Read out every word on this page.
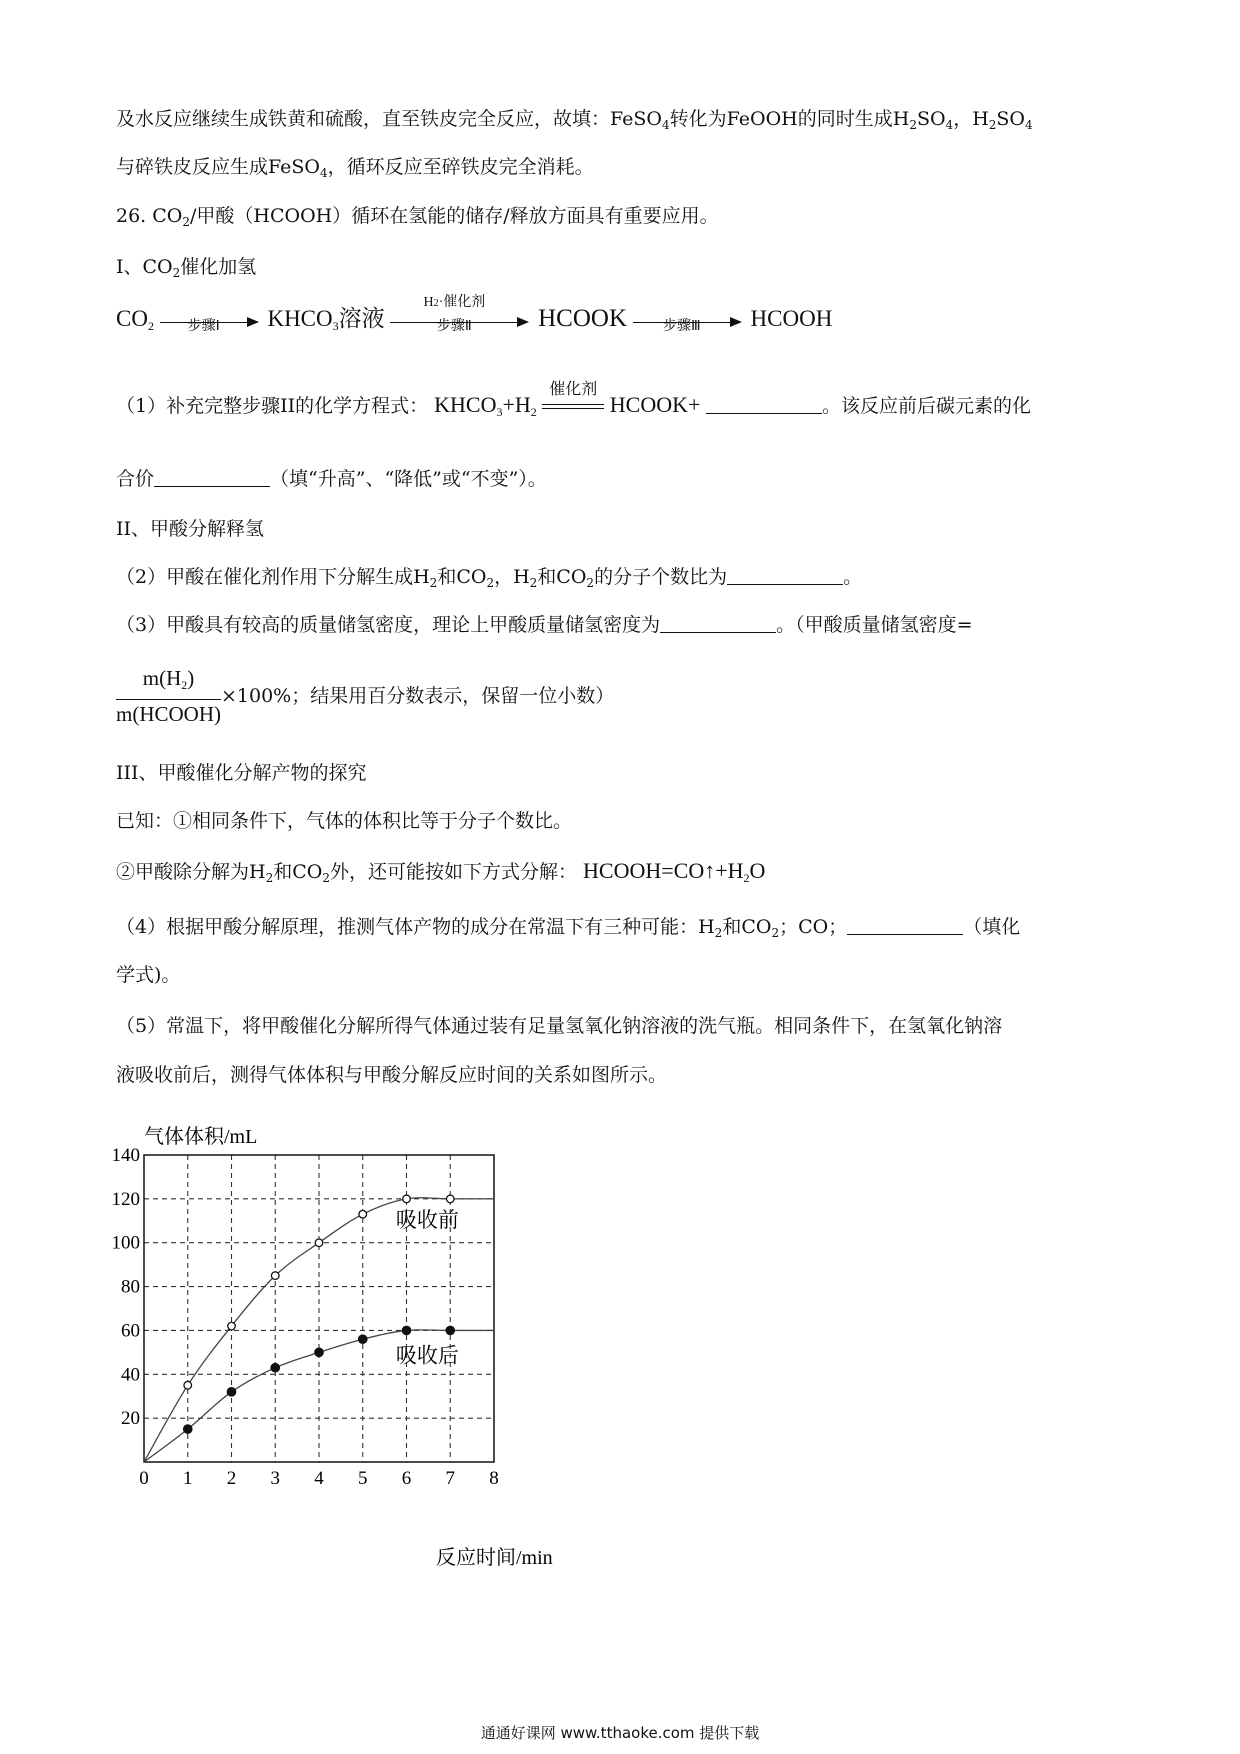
及水反应继续生成铁黄和硫酸，直至铁皮完全反应，故填：FeSO$_4$转化为FeOOH的同时生成$H_2SO_4$，$H_2SO_4$
与碎铁皮反应生成FeSO$_4$，循环反应至碎铁皮完全消耗。
26. $CO_2/$甲酸（HCOOH）循环在氢能的储存/释放方面具有重要应用。
I、$CO_2$催化加氢
$CO_2$	步骤Ⅰ	$KHCO_3$溶液
H2·催化剂
步骤Ⅱ	HCOOK	步骤Ⅲ	HCOOH
（1）补充完整步骤II的化学方程式： $KHCO_3+H_2$
催化剂
HCOOK+	。该反应前后碳元素的化
合价	（填“升高”、“降低”或“不变”）。
II、甲酸分解释氢
（2）甲酸在催化剂作用下分解生成$H_2$和$CO_2$，$H_2$和$CO_2$的分子个数比为	。
（3）甲酸具有较高的质量储氢密度，理论上甲酸质量储氢密度为	。（甲酸质量储氢密度=
$\frac{m(H_2)}{\text{m(HCOOH)}} \times 100\%$；结果用百分数表示，保留一位小数）
III、甲酸催化分解产物的探究
已知：①相同条件下，气体的体积比等于分子个数比。
②甲酸除分解为$H_2$和$CO_2$外，还可能按如下方式分解： $HCOOH=CO↑+H_2O$
（4）根据甲酸分解原理，推测气体产物的成分在常温下有三种可能：$H_2$和$CO_2$；CO；	（填化
学式)。
（5）常温下，将甲酸催化分解所得气体通过装有足量氢氧化钠溶液的洗气瓶。相同条件下，在氢氧化钠溶
液吸收前后，测得气体体积与甲酸分解反应时间的关系如图所示。
0 1 2 3 4 5 6 7 8
20
40
60
80
100
120
140
吸收前
吸收后
气体体积/mL
反应时间/min
通通好课网 www.tthaoke.com 提供下载
